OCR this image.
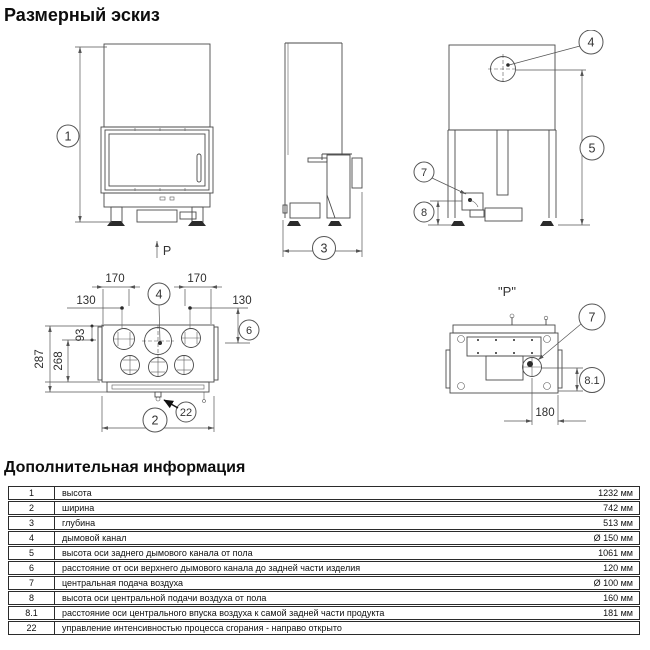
Размерный эскиз
1
P	3
4
5
7
8
4
170	170
130	130
93
268
287
6
2
22
"P"
7
8.1
180
Дополнительная информация
1	высота	1232 мм
2	ширина	742 мм
3	глубина	513 мм
4	дымовой канал	Ø 150 мм
5	высота оси заднего дымового канала от пола	1061 мм
6	расстояние от оси верхнего дымового канала до задней части изделия	120 мм
7	центральная подача воздуха	Ø 100 мм
8	высота оси центральной подачи воздуха от пола	160 мм
8.1	расстояние оси центрального впуска воздуха к самой задней части продукта	181 мм
22	управление интенсивностью процесса сгорания - направо открыто
